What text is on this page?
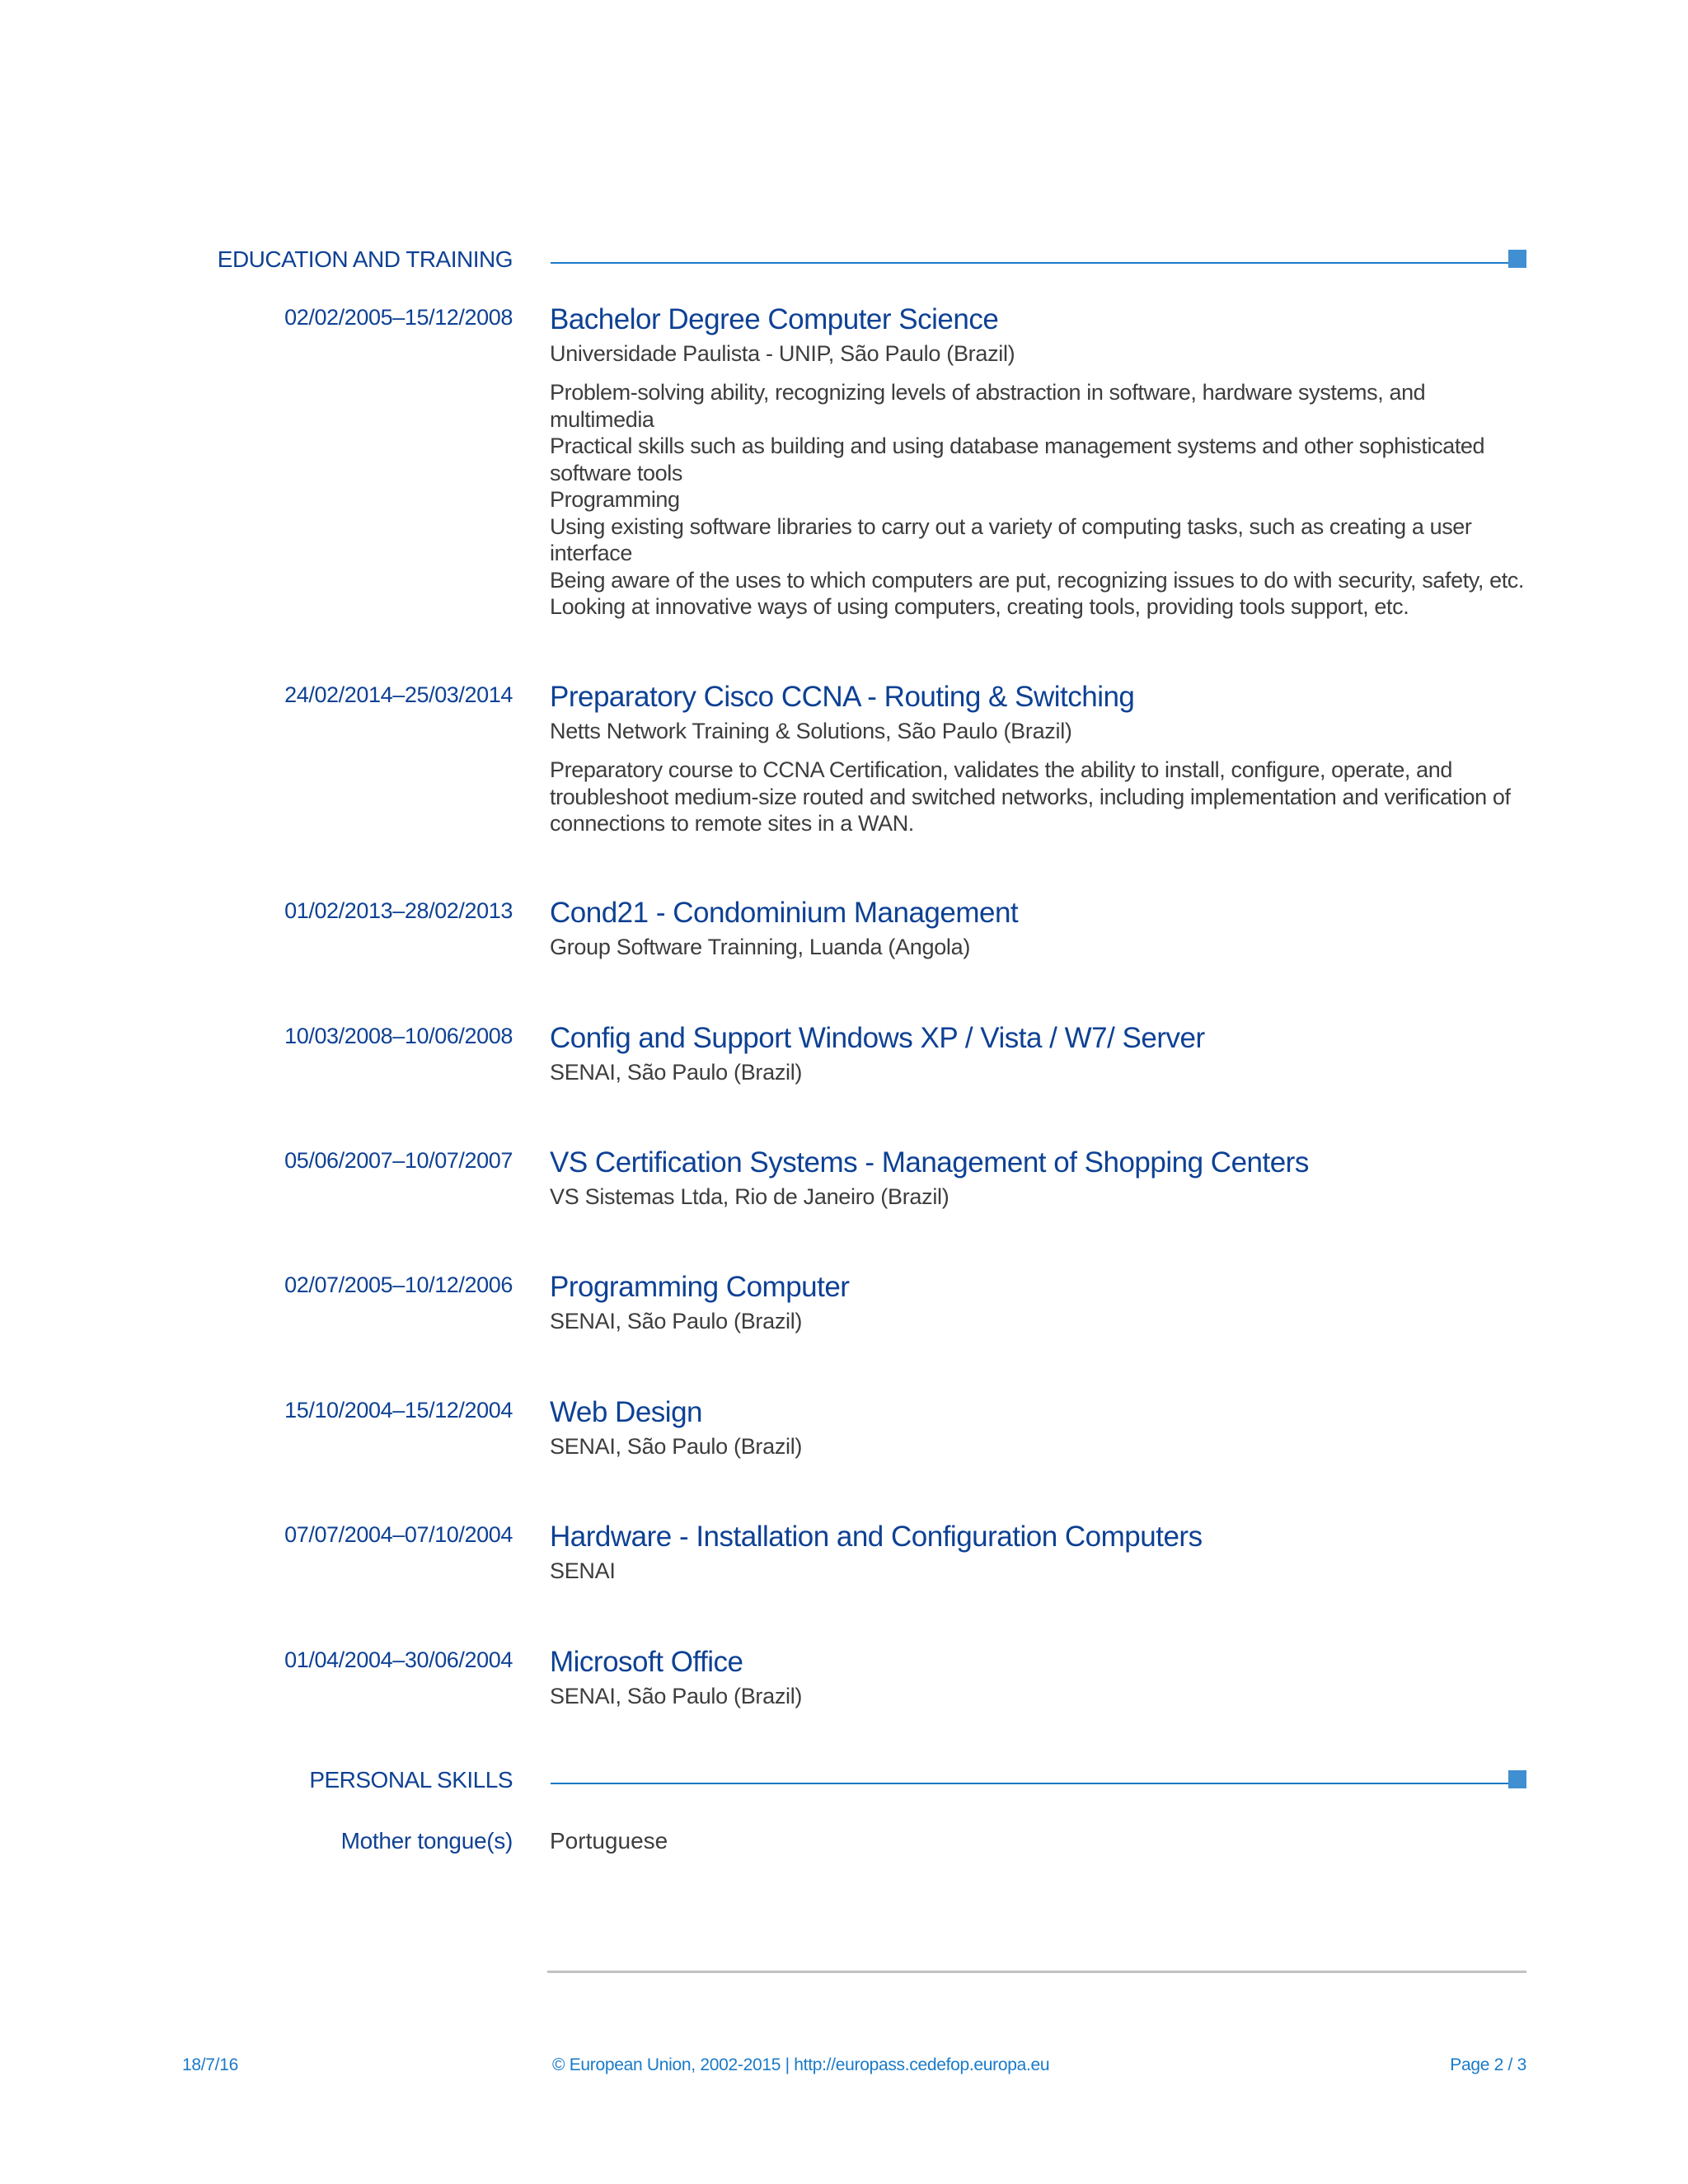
EDUCATION AND TRAINING
02/02/2005–15/12/2008 Bachelor Degree Computer Science
Universidade Paulista - UNIP, São Paulo (Brazil)
Problem-solving ability, recognizing levels of abstraction in software, hardware systems, and
multimedia
Practical skills such as building and using database management systems and other sophisticated
software tools
Programming
Using existing software libraries to carry out a variety of computing tasks, such as creating a user
interface
Being aware of the uses to which computers are put, recognizing issues to do with security, safety, etc.
Looking at innovative ways of using computers, creating tools, providing tools support, etc.
24/02/2014–25/03/2014 Preparatory Cisco CCNA - Routing & Switching
Netts Network Training & Solutions, São Paulo (Brazil)
Preparatory course to CCNA Certification, validates the ability to install, configure, operate, and
troubleshoot medium-size routed and switched networks, including implementation and verification of
connections to remote sites in a WAN.
01/02/2013–28/02/2013 Cond21 - Condominium Management
Group Software Trainning, Luanda (Angola)
10/03/2008–10/06/2008 Config and Support Windows XP / Vista / W7/ Server
SENAI, São Paulo (Brazil)
05/06/2007–10/07/2007 VS Certification Systems - Management of Shopping Centers
VS Sistemas Ltda, Rio de Janeiro (Brazil)
02/07/2005–10/12/2006 Programming Computer
SENAI, São Paulo (Brazil)
15/10/2004–15/12/2004 Web Design
SENAI, São Paulo (Brazil)
07/07/2004–07/10/2004 Hardware - Installation and Configuration Computers
SENAI
01/04/2004–30/06/2004 Microsoft Office
SENAI, São Paulo (Brazil)
PERSONAL SKILLS
Mother tongue(s) Portuguese
18/7/16	© European Union, 2002-2015 | http://europass.cedefop.europa.eu	Page 2 / 3
